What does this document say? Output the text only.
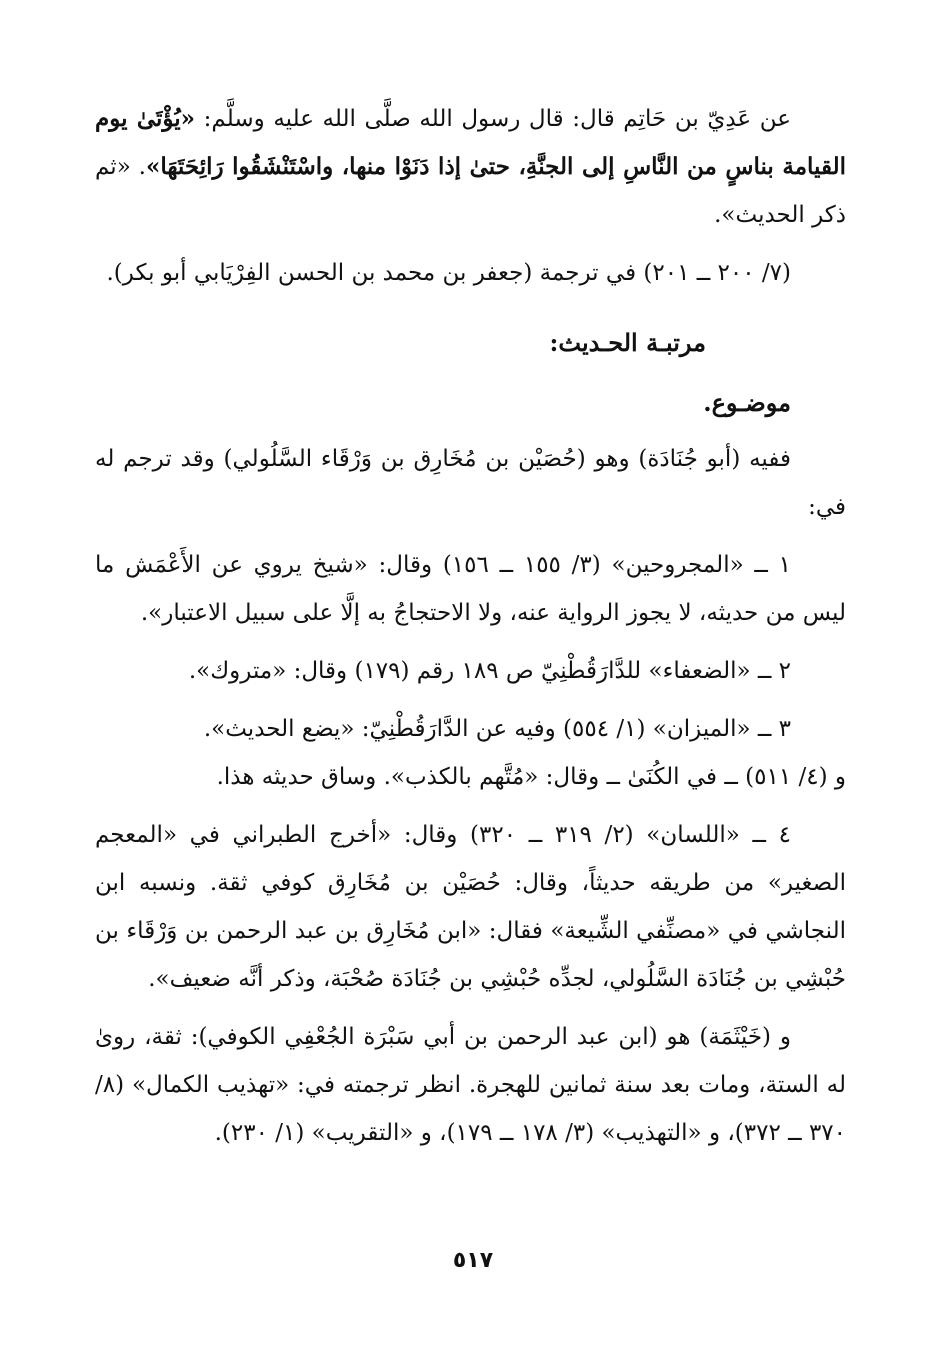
عن عَدِيّ بن حَاتِم قال: قال رسول الله صلَّى الله عليه وسلَّم: «يُؤْتَىٰ يوم القيامة بناسٍ من النَّاسِ إلى الجنَّةِ، حتىٰ إذا دَنَوْا منها، واسْتَنْشَقُوا رَائِحَتَهَا». «ثم ذكر الحديث».

(٧/ ٢٠٠ ــ ٢٠١) في ترجمة (جعفر بن محمد بن الحسن الفِرْيَابي أبو بكر).

مرتبـة الحـديث:
موضـوع.

ففيه (أبو جُنَادَة) وهو (حُصَيْن بن مُخَارِق بن وَرْقَاء السَّلُولي) وقد ترجم له في:

١ ــ «المجروحين» (٣/ ١٥٥ ــ ١٥٦) وقال: «شيخ يروي عن الأَعْمَش ما ليس من حديثه، لا يجوز الرواية عنه، ولا الاحتجاجُ به إلَّا على سبيل الاعتبار».

٢ ــ «الضعفاء» للدَّارَقُطْنِيّ ص ١٨٩ رقم (١٧٩) وقال: «متروك».

٣ ــ «الميزان» (١/ ٥٥٤) وفيه عن الدَّارَقُطْنِيّ: «يضع الحديث».
و (٤/ ٥١١) ــ في الكُنَىٰ ــ وقال: «مُتَّهم بالكذب». وساق حديثه هذا.

٤ ــ «اللسان» (٢/ ٣١٩ ــ ٣٢٠) وقال: «أخرج الطبراني في «المعجم الصغير» من طريقه حديثاً، وقال: حُصَيْن بن مُخَارِق كوفي ثقة. ونسبه ابن النجاشي في «مصنِّفي الشِّيعة» فقال: «ابن مُخَارِق بن عبد الرحمن بن وَرْقَاء بن حُبْشِي بن جُنَادَة السَّلُولي، لجدِّه حُبْشِي بن جُنَادَة صُحْبَة، وذكر أنَّه ضعيف».

و (خَيْثَمَة) هو (ابن عبد الرحمن بن أبي سَبْرَة الجُعْفِي الكوفي): ثقة، روىٰ له الستة، ومات بعد سنة ثمانين للهجرة. انظر ترجمته في: «تهذيب الكمال» (٨/ ٣٧٠ ــ ٣٧٢)، و «التهذيب» (٣/ ١٧٨ ــ ١٧٩)، و «التقريب» (١/ ٢٣٠).

٥١٧
